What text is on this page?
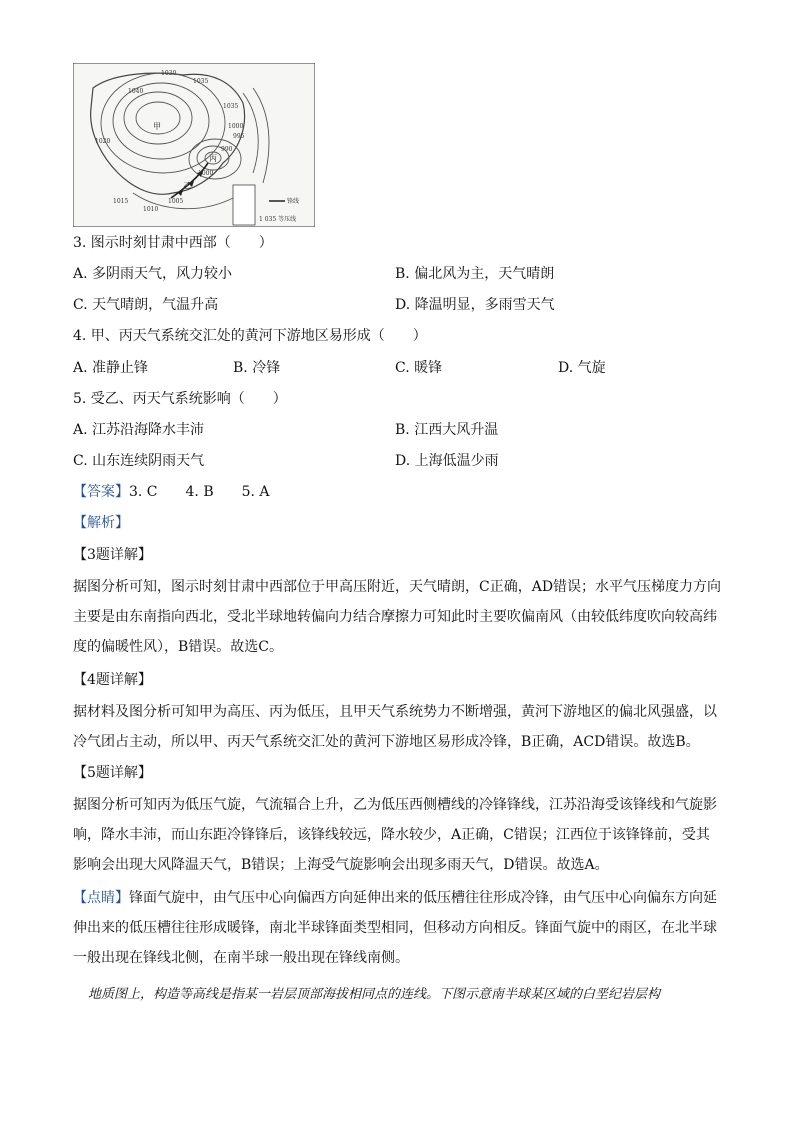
1030
1035
1040
1020
1000
995
990
1000
1005
1010
1015
1035
甲
乙
丙
锋线
1 035 等压线
3. 图示时刻甘肃中西部（　　）
A. 多阴雨天气，风力较小	B. 偏北风为主，天气晴朗
C. 天气晴朗，气温升高	D. 降温明显，多雨雪天气
4. 甲、丙天气系统交汇处的黄河下游地区易形成（　　）
A. 准静止锋	B. 冷锋	C. 暖锋	D. 气旋
5. 受乙、丙天气系统影响（　　）
A. 江苏沿海降水丰沛	B. 江西大风升温
C. 山东连续阴雨天气	D. 上海低温少雨
【答案】3. C　　4. B　　5. A
【解析】
【3题详解】
据图分析可知，图示时刻甘肃中西部位于甲高压附近，天气晴朗，C正确，AD错误；水平气压梯度力方向主要是由东南指向西北，受北半球地转偏向力结合摩擦力可知此时主要吹偏南风（由较低纬度吹向较高纬度的偏暖性风），B错误。故选C。
【4题详解】
据材料及图分析可知甲为高压、丙为低压，且甲天气系统势力不断增强，黄河下游地区的偏北风强盛，以冷气团占主动，所以甲、丙天气系统交汇处的黄河下游地区易形成冷锋，B正确，ACD错误。故选B。
【5题详解】
据图分析可知丙为低压气旋，气流辐合上升，乙为低压西侧槽线的冷锋锋线，江苏沿海受该锋线和气旋影响，降水丰沛，而山东距冷锋锋后，该锋线较远，降水较少，A正确，C错误；江西位于该锋锋前，受其影响会出现大风降温天气，B错误；上海受气旋影响会出现多雨天气，D错误。故选A。
【点睛】锋面气旋中，由气压中心向偏西方向延伸出来的低压槽往往形成冷锋，由气压中心向偏东方向延伸出来的低压槽往往形成暖锋，南北半球锋面类型相同，但移动方向相反。锋面气旋中的雨区，在北半球一般出现在锋线北侧，在南半球一般出现在锋线南侧。
地质图上，构造等高线是指某一岩层顶部海拔相同点的连线。下图示意南半球某区域的白垩纪岩层构
